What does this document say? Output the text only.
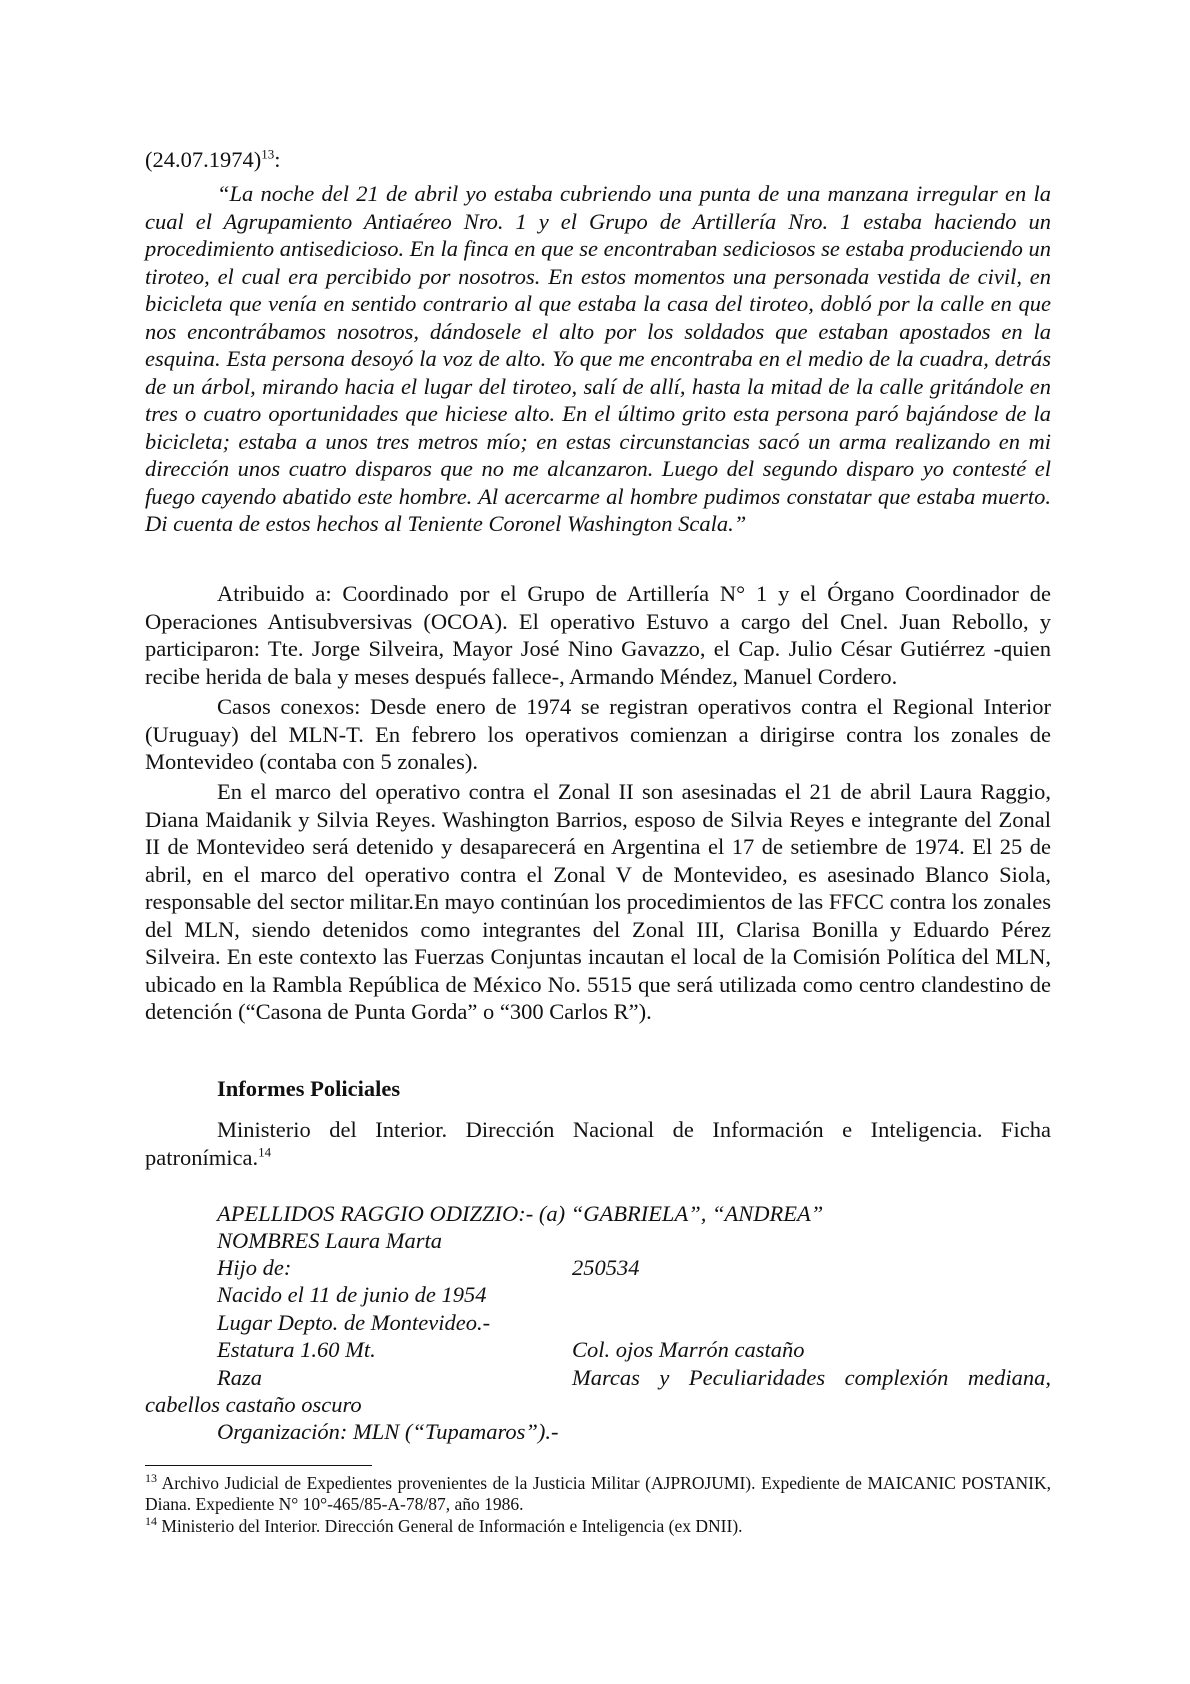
$(24.07.1974)^{13}$:

“La noche del 21 de abril yo estaba cubriendo una punta de una manzana irregular en la cual el Agrupamiento Antiaéreo Nro. 1 y el Grupo de Artillería Nro. 1 estaba haciendo un procedimiento antisedicioso. En la finca en que se encontraban sediciosos se estaba produciendo un tiroteo, el cual era percibido por nosotros. En estos momentos una personada vestida de civil, en bicicleta que venía en sentido contrario al que estaba la casa del tiroteo, dobló por la calle en que nos encontrábamos nosotros, dándosele el alto por los soldados que estaban apostados en la esquina. Esta persona desoyó la voz de alto. Yo que me encontraba en el medio de la cuadra, detrás de un árbol, mirando hacia el lugar del tiroteo, salí de allí, hasta la mitad de la calle gritándole en tres o cuatro oportunidades que hiciese alto. En el último grito esta persona paró bajándose de la bicicleta; estaba a unos tres metros mío; en estas circunstancias sacó un arma realizando en mi dirección unos cuatro disparos que no me alcanzaron. Luego del segundo disparo yo contesté el fuego cayendo abatido este hombre. Al acercarme al hombre pudimos constatar que estaba muerto. Di cuenta de estos hechos al Teniente Coronel Washington Scala.”

Atribuido a: Coordinado por el Grupo de Artillería N° 1 y el Órgano Coordinador de Operaciones Antisubversivas (OCOA). El operativo Estuvo a cargo del Cnel. Juan Rebollo, y participaron: Tte. Jorge Silveira, Mayor José Nino Gavazzo, el Cap. Julio César Gutiérrez -quien recibe herida de bala y meses después fallece-, Armando Méndez, Manuel Cordero.

Casos conexos: Desde enero de 1974 se registran operativos contra el Regional Interior (Uruguay) del MLN-T. En febrero los operativos comienzan a dirigirse contra los zonales de Montevideo (contaba con 5 zonales).

En el marco del operativo contra el Zonal II son asesinadas el 21 de abril Laura Raggio, Diana Maidanik y Silvia Reyes. Washington Barrios, esposo de Silvia Reyes e integrante del Zonal II de Montevideo será detenido y desaparecerá en Argentina el 17 de setiembre de 1974. El 25 de abril, en el marco del operativo contra el Zonal V de Montevideo, es asesinado Blanco Siola, responsable del sector militar.En mayo continúan los procedimientos de las FFCC contra los zonales del MLN, siendo detenidos como integrantes del Zonal III, Clarisa Bonilla y Eduardo Pérez Silveira. En este contexto las Fuerzas Conjuntas incautan el local de la Comisión Política del MLN, ubicado en la Rambla República de México No. 5515 que será utilizada como centro clandestino de detención (“Casona de Punta Gorda” o “300 Carlos R”).

Informes Policiales

Ministerio del Interior. Dirección Nacional de Información e Inteligencia. Ficha patronímica.$^{14}$

APELLIDOS RAGGIO ODIZZIO:- (a) “GABRIELA”, “ANDREA”

NOMBRES Laura Marta

Hijo de:	250534

Nacido el 11 de junio de 1954

Lugar Depto. de Montevideo.-

Estatura 1.60 Mt.	Col. ojos Marrón castaño

Raza	Marcas y Peculiaridades complexión mediana,

cabellos castaño oscuro

Organización: MLN (“Tupamaros”).-

$^{13}$ Archivo Judicial de Expedientes provenientes de la Justicia Militar (AJPROJUMI). Expediente de MAICANIC POSTANIK, Diana. Expediente N° 10°-465/85-A-78/87, año 1986.

$^{14}$ Ministerio del Interior. Dirección General de Información e Inteligencia (ex DNII).
